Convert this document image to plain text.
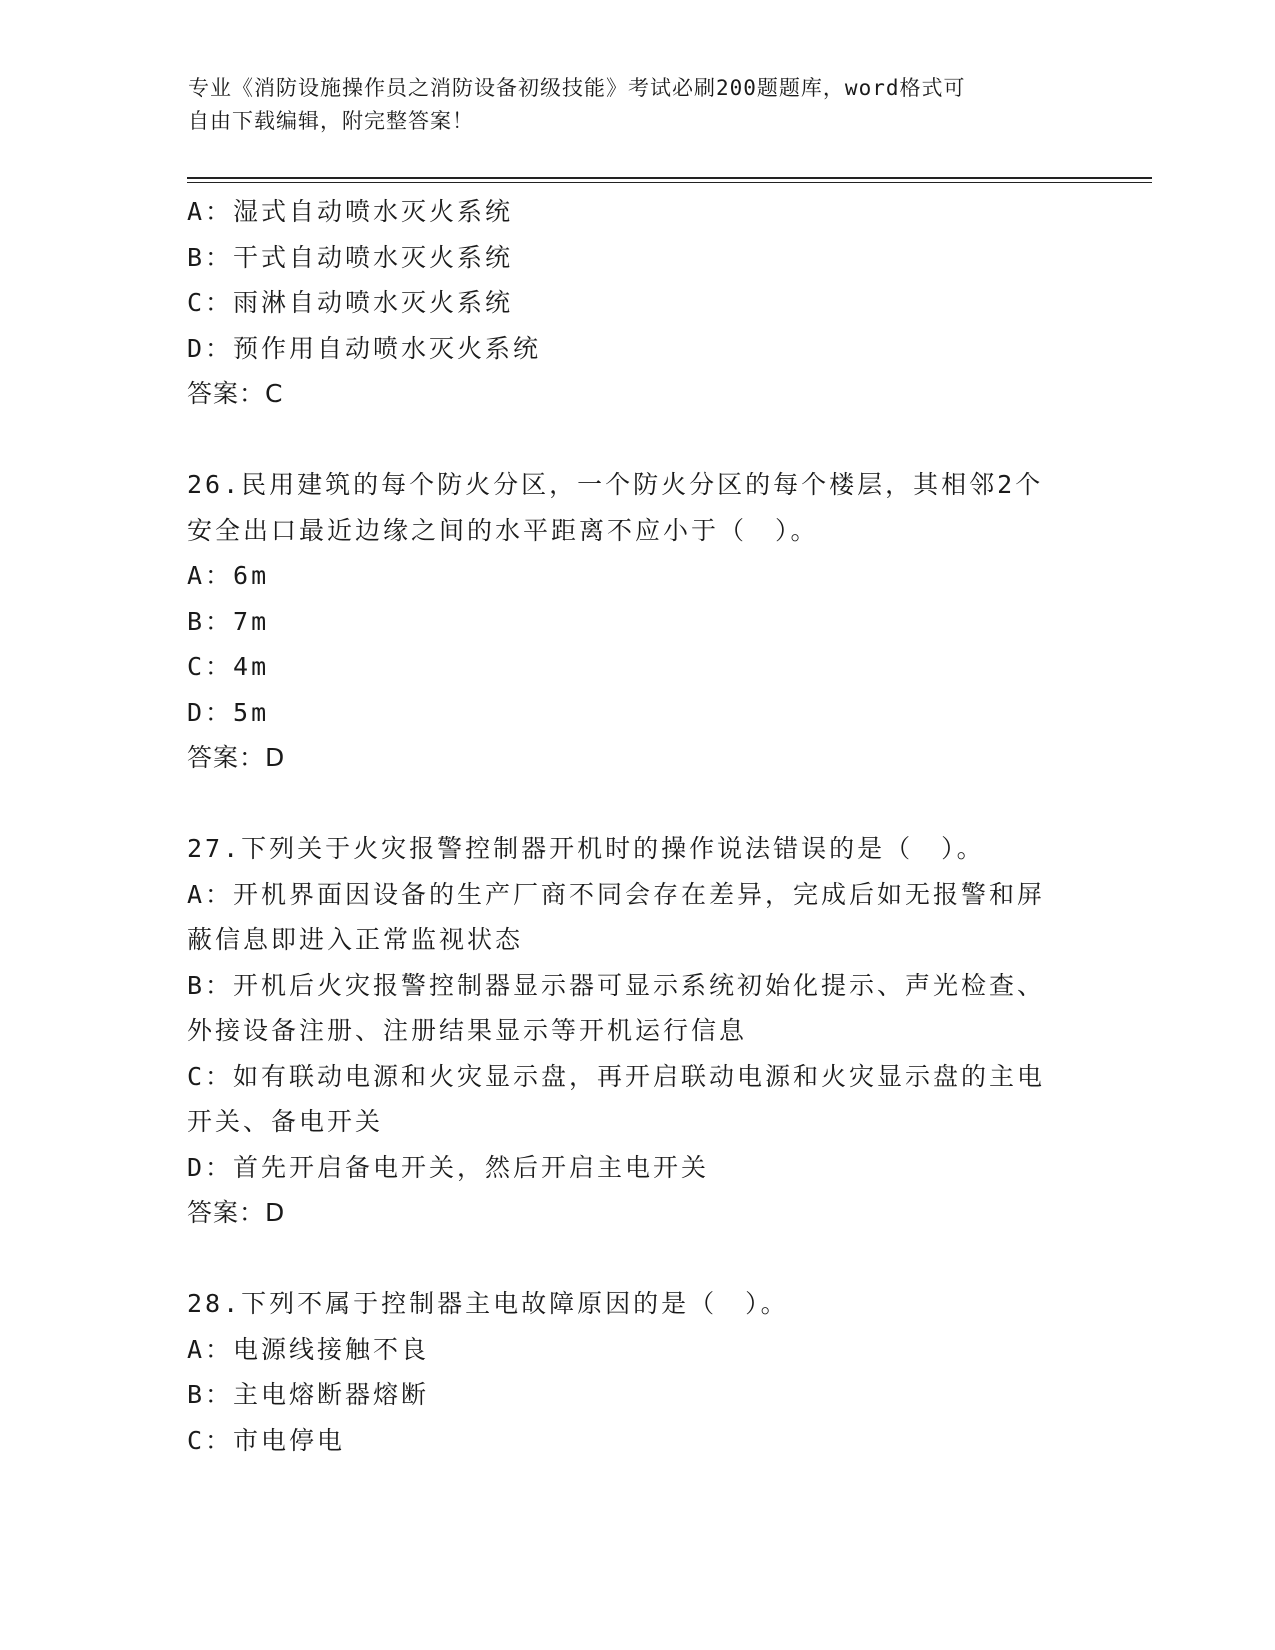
专业《消防设施操作员之消防设备初级技能》考试必刷200题题库，word格式可
自由下载编辑，附完整答案！
A：湿式自动喷水灭火系统
B：干式自动喷水灭火系统
C：雨淋自动喷水灭火系统
D：预作用自动喷水灭火系统
答案：C
26.民用建筑的每个防火分区，一个防火分区的每个楼层，其相邻2个
安全出口最近边缘之间的水平距离不应小于（　）。
A：6m
B：7m
C：4m
D：5m
答案：D
27.下列关于火灾报警控制器开机时的操作说法错误的是（　）。
A：开机界面因设备的生产厂商不同会存在差异，完成后如无报警和屏
蔽信息即进入正常监视状态
B：开机后火灾报警控制器显示器可显示系统初始化提示、声光检查、
外接设备注册、注册结果显示等开机运行信息
C：如有联动电源和火灾显示盘，再开启联动电源和火灾显示盘的主电
开关、备电开关
D：首先开启备电开关，然后开启主电开关
答案：D
28.下列不属于控制器主电故障原因的是（　）。
A：电源线接触不良
B：主电熔断器熔断
C：市电停电
